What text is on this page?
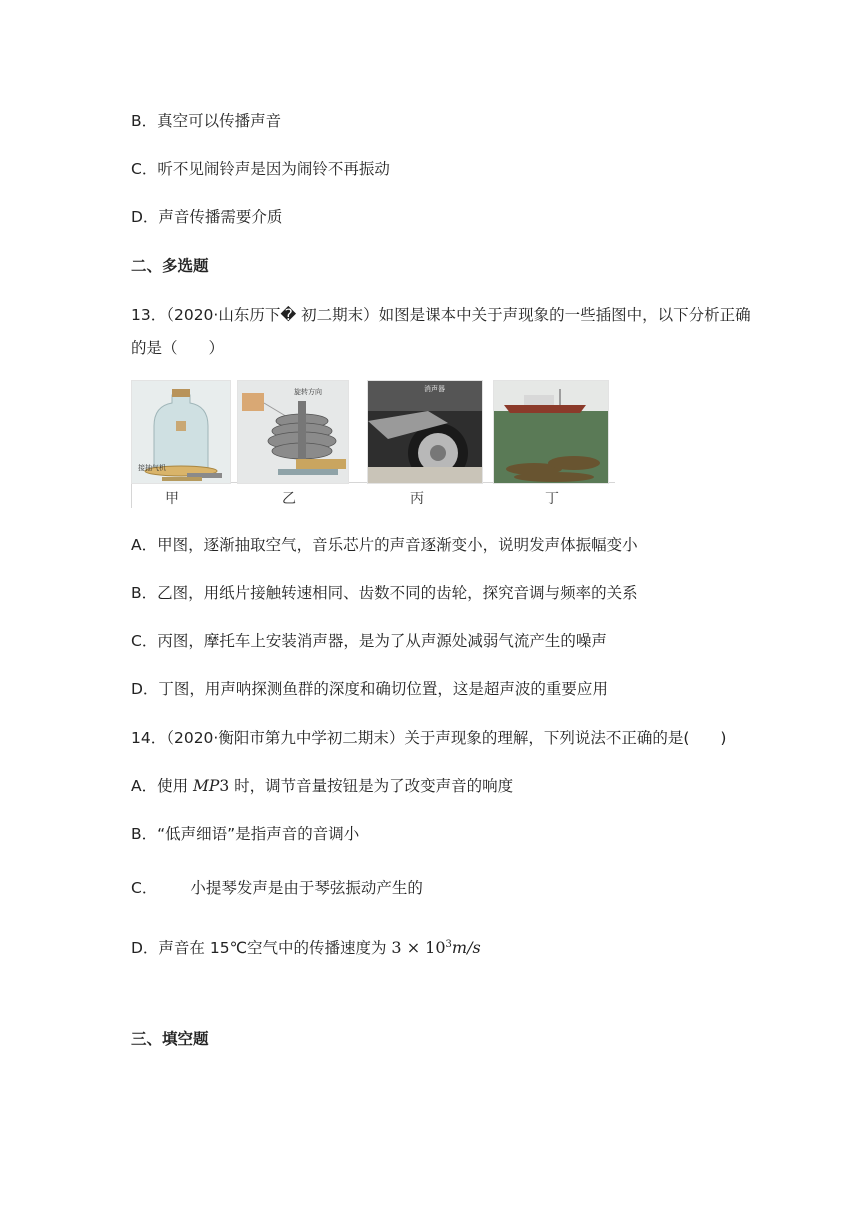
B．真空可以传播声音
C．听不见闹铃声是因为闹铃不再振动
D．声音传播需要介质
二、多选题
13．（2020·山东历下� 初二期末）如图是课本中关于声现象的一些插图中，以下分析正确
的是（　　）
接抽气机
旋转方向	消声器
甲	乙	丙	丁
A．甲图，逐渐抽取空气，音乐芯片的声音逐渐变小，说明发声体振幅变小
B．乙图，用纸片接触转速相同、齿数不同的齿轮，探究音调与频率的关系
C．丙图，摩托车上安装消声器，是为了从声源处减弱气流产生的噪声
D．丁图，用声呐探测鱼群的深度和确切位置，这是超声波的重要应用
14．（2020·衡阳市第九中学初二期末）关于声现象的理解，下列说法不正确的是(　　)
A．使用 MP3 时，调节音量按钮是为了改变声音的响度
B．“低声细语”是指声音的音调小
C． 小提琴发声是由于琴弦振动产生的
D．声音在 15℃空气中的传播速度为 $3 \times 10^3m/s$
三、填空题
